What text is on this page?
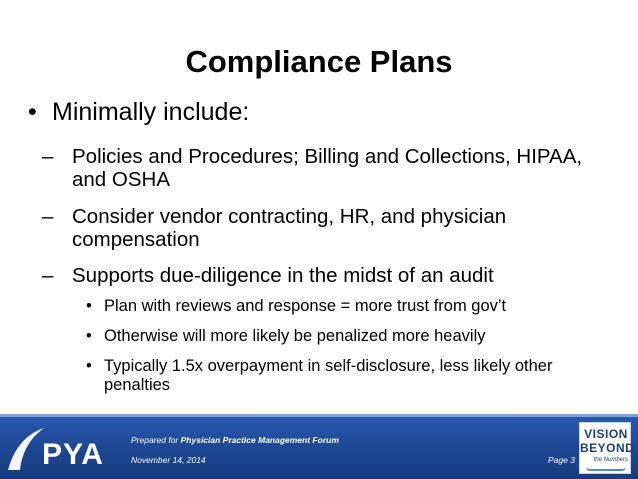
Compliance Plans
• Minimally include:
– Policies and Procedures; Billing and Collections, HIPAA, and OSHA
– Consider vendor contracting, HR, and physician compensation
– Supports due-diligence in the midst of an audit
• Plan with reviews and response = more trust from gov’t
• Otherwise will more likely be penalized more heavily
• Typically 1.5x overpayment in self-disclosure, less likely other penalties
PYA	Prepared for Physician Practice Management Forum
November 14, 2014	Page 3
VISION
BEYOND
the Numbers
